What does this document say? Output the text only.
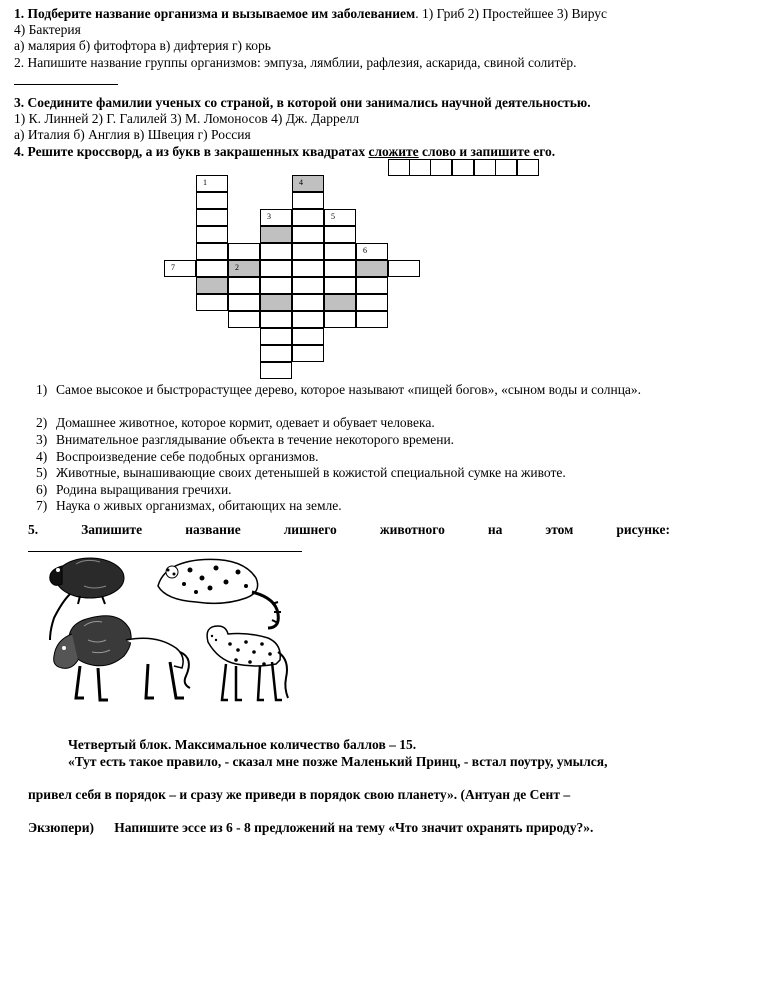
1. Подберите название организма и вызываемое им заболеванием. 1) Гриб 2) Простейшее 3) Вирус
4) Бактерия
а) малярия б) фитофтора в) дифтерия г) корь
2. Напишите название группы организмов: эмпуза, лямблии, рафлезия, аскарида, свиной солитёр.
3. Соедините фамилии ученых со страной, в которой они занимались научной деятельностью.
1) К. Линней 2) Г. Галилей 3) М. Ломоносов 4) Дж. Даррелл
а) Италия б) Англия в) Швеция г) Россия
4. Решите кроссворд, а из букв в закрашенных квадратах сложите слово и запишите его.
1	4
3	5
6
7	2
1) Самое высокое и быстрорастущее дерево, которое называют «пищей богов», «сыном воды и солнца».
2) Домашнее животное, которое кормит, одевает и обувает человека.
3) Внимательное разглядывание объекта в течение некоторого времени.
4) Воспроизведение себе подобных организмов.
5) Животные, вынашивающие своих детенышей в кожистой специальной сумке на животе.
6) Родина выращивания гречихи.
7) Наука о живых организмах, обитающих на земле.
5.	Запишите	название	лишнего	животного	на	этом	рисунке:
Четвертый блок. Максимальное количество баллов – 15.
«Тут есть такое правило, - сказал мне позже Маленький Принц, - встал поутру, умылся,
привел себя в порядок – и сразу же приведи в порядок свою планету». (Антуан де Сент –
Экзюпери)      Напишите эссе из 6 - 8 предложений на тему «Что значит охранять природу?».
